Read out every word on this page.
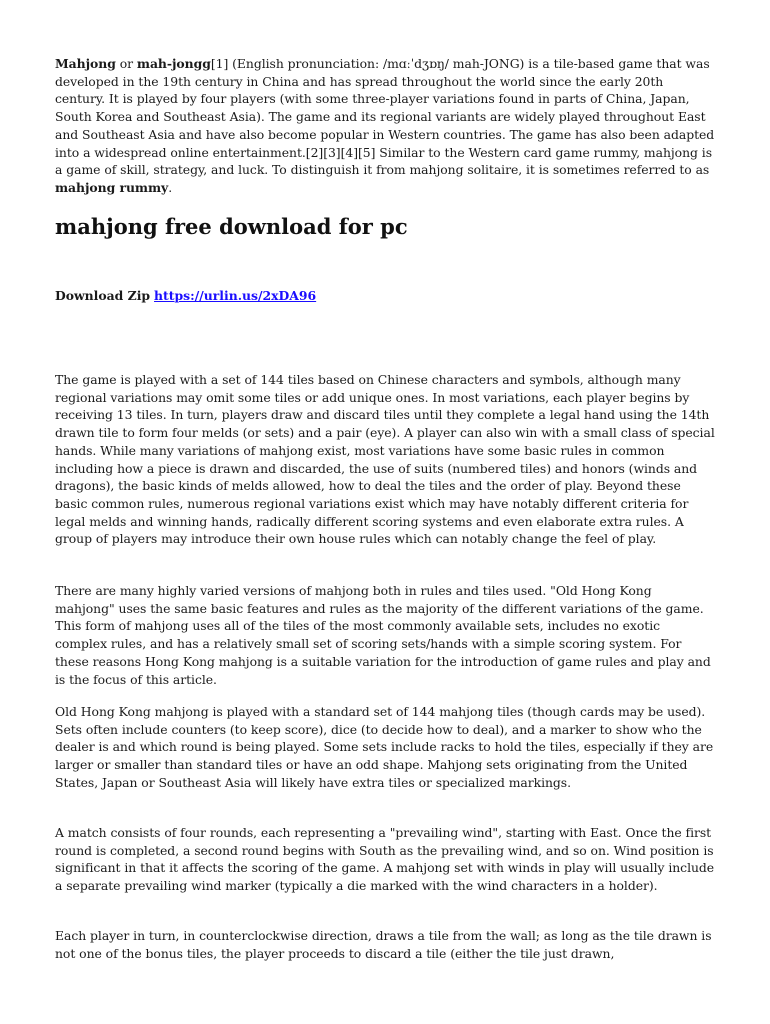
Mahjong or mah-jongg[1] (English pronunciation: /mɑːˈdʒɒŋ/ mah-JONG) is a tile-based game that was developed in the 19th century in China and has spread throughout the world since the early 20th century. It is played by four players (with some three-player variations found in parts of China, Japan, South Korea and Southeast Asia). The game and its regional variants are widely played throughout East and Southeast Asia and have also become popular in Western countries. The game has also been adapted into a widespread online entertainment.[2][3][4][5] Similar to the Western card game rummy, mahjong is a game of skill, strategy, and luck. To distinguish it from mahjong solitaire, it is sometimes referred to as mahjong rummy.

mahjong free download for pc
Download Zip https://urlin.us/2xDA96

The game is played with a set of 144 tiles based on Chinese characters and symbols, although many regional variations may omit some tiles or add unique ones. In most variations, each player begins by receiving 13 tiles. In turn, players draw and discard tiles until they complete a legal hand using the 14th drawn tile to form four melds (or sets) and a pair (eye). A player can also win with a small class of special hands. While many variations of mahjong exist, most variations have some basic rules in common including how a piece is drawn and discarded, the use of suits (numbered tiles) and honors (winds and dragons), the basic kinds of melds allowed, how to deal the tiles and the order of play. Beyond these basic common rules, numerous regional variations exist which may have notably different criteria for legal melds and winning hands, radically different scoring systems and even elaborate extra rules. A group of players may introduce their own house rules which can notably change the feel of play.

There are many highly varied versions of mahjong both in rules and tiles used. "Old Hong Kong mahjong" uses the same basic features and rules as the majority of the different variations of the game. This form of mahjong uses all of the tiles of the most commonly available sets, includes no exotic complex rules, and has a relatively small set of scoring sets/hands with a simple scoring system. For these reasons Hong Kong mahjong is a suitable variation for the introduction of game rules and play and is the focus of this article.

Old Hong Kong mahjong is played with a standard set of 144 mahjong tiles (though cards may be used). Sets often include counters (to keep score), dice (to decide how to deal), and a marker to show who the dealer is and which round is being played. Some sets include racks to hold the tiles, especially if they are larger or smaller than standard tiles or have an odd shape. Mahjong sets originating from the United States, Japan or Southeast Asia will likely have extra tiles or specialized markings.

A match consists of four rounds, each representing a "prevailing wind", starting with East. Once the first round is completed, a second round begins with South as the prevailing wind, and so on. Wind position is significant in that it affects the scoring of the game. A mahjong set with winds in play will usually include a separate prevailing wind marker (typically a die marked with the wind characters in a holder).

Each player in turn, in counterclockwise direction, draws a tile from the wall; as long as the tile drawn is not one of the bonus tiles, the player proceeds to discard a tile (either the tile just drawn,
